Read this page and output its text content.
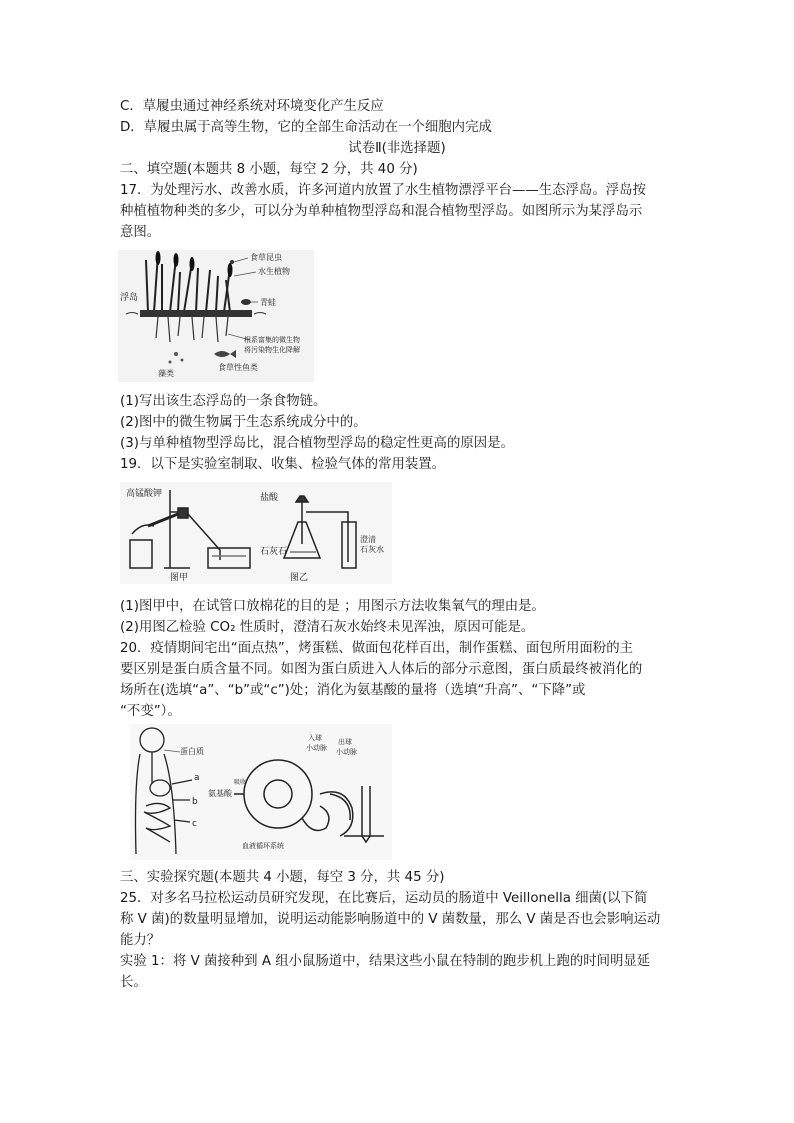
C．草履虫通过神经系统对环境变化产生反应
D．草履虫属于高等生物，它的全部生命活动在一个细胞内完成
试卷Ⅱ(非选择题)
二、填空题(本题共 8 小题，每空 2 分，共 40 分)
17．为处理污水、改善水质，许多河道内放置了水生植物漂浮平台——生态浮岛。浮岛按
种植植物种类的多少，可以分为单种植物型浮岛和混合植物型浮岛。如图所示为某浮岛示
意图。
食草昆虫
水生植物
浮岛	青蛙
根系富集的微生物
将污染物生化降解
藻类
食草性鱼类
(1)写出该生态浮岛的一条食物链。
(2)图中的微生物属于生态系统成分中的。
(3)与单种植物型浮岛比，混合植物型浮岛的稳定性更高的原因是。
19．以下是实验室制取、收集、检验气体的常用装置。
高锰酸钾
图甲
盐酸
石灰石
澄清
石灰水
图乙
(1)图甲中，在试管口放棉花的目的是 ；用图示方法收集氧气的理由是。
(2)用图乙检验 CO₂ 性质时，澄清石灰水始终未见浑浊，原因可能是。
20．疫情期间宅出“面点热”，烤蛋糕、做面包花样百出，制作蛋糕、面包所用面粉的主
要区别是蛋白质含量不同。如图为蛋白质进入人体后的部分示意图，蛋白质最终被消化的
场所在(选填“a”、“b”或“c”)处；消化为氨基酸的量将（选填“升高”、“下降”或
“不变”）。
蛋白质
a
b
c
氨基酸
吸收
入球
小动脉
出球
小动脉
血液循环系统
三、实验探究题(本题共 4 小题，每空 3 分，共 45 分)
25．对多名马拉松运动员研究发现，在比赛后，运动员的肠道中 Veillonella 细菌(以下简
称 V 菌)的数量明显增加，说明运动能影响肠道中的 V 菌数量，那么 V 菌是否也会影响运动
能力？
实验 1：将 V 菌接种到 A 组小鼠肠道中，结果这些小鼠在特制的跑步机上跑的时间明显延
长。
